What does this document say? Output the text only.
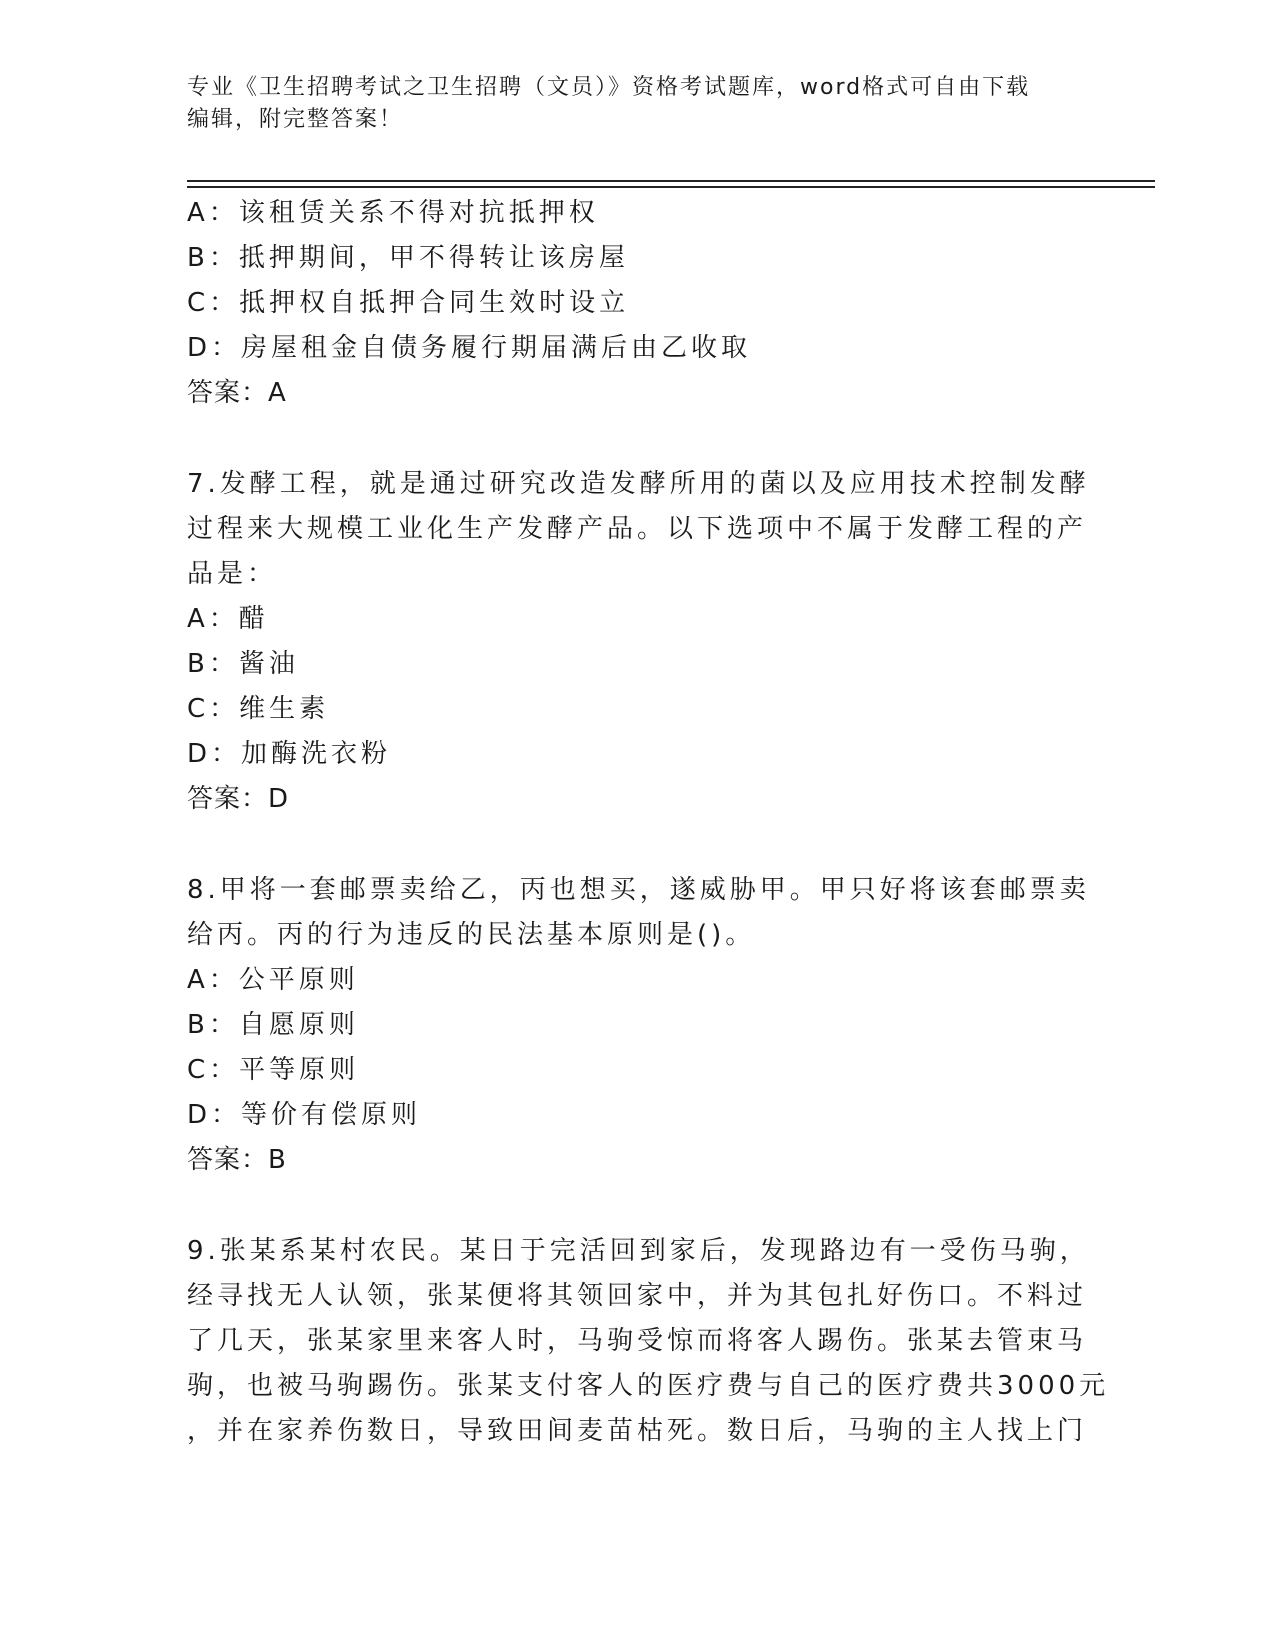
专业《卫生招聘考试之卫生招聘（文员）》资格考试题库，word格式可自由下载
编辑，附完整答案！
A：该租赁关系不得对抗抵押权
B：抵押期间，甲不得转让该房屋
C：抵押权自抵押合同生效时设立
D：房屋租金自债务履行期届满后由乙收取
答案：A
7.发酵工程，就是通过研究改造发酵所用的菌以及应用技术控制发酵
过程来大规模工业化生产发酵产品。以下选项中不属于发酵工程的产
品是：
A：醋
B：酱油
C：维生素
D：加酶洗衣粉
答案：D
8.甲将一套邮票卖给乙，丙也想买，遂威胁甲。甲只好将该套邮票卖
给丙。丙的行为违反的民法基本原则是()。
A：公平原则
B：自愿原则
C：平等原则
D：等价有偿原则
答案：B
9.张某系某村农民。某日于完活回到家后，发现路边有一受伤马驹，
经寻找无人认领，张某便将其领回家中，并为其包扎好伤口。不料过
了几天，张某家里来客人时，马驹受惊而将客人踢伤。张某去管束马
驹，也被马驹踢伤。张某支付客人的医疗费与自己的医疗费共3000元
，并在家养伤数日，导致田间麦苗枯死。数日后，马驹的主人找上门
